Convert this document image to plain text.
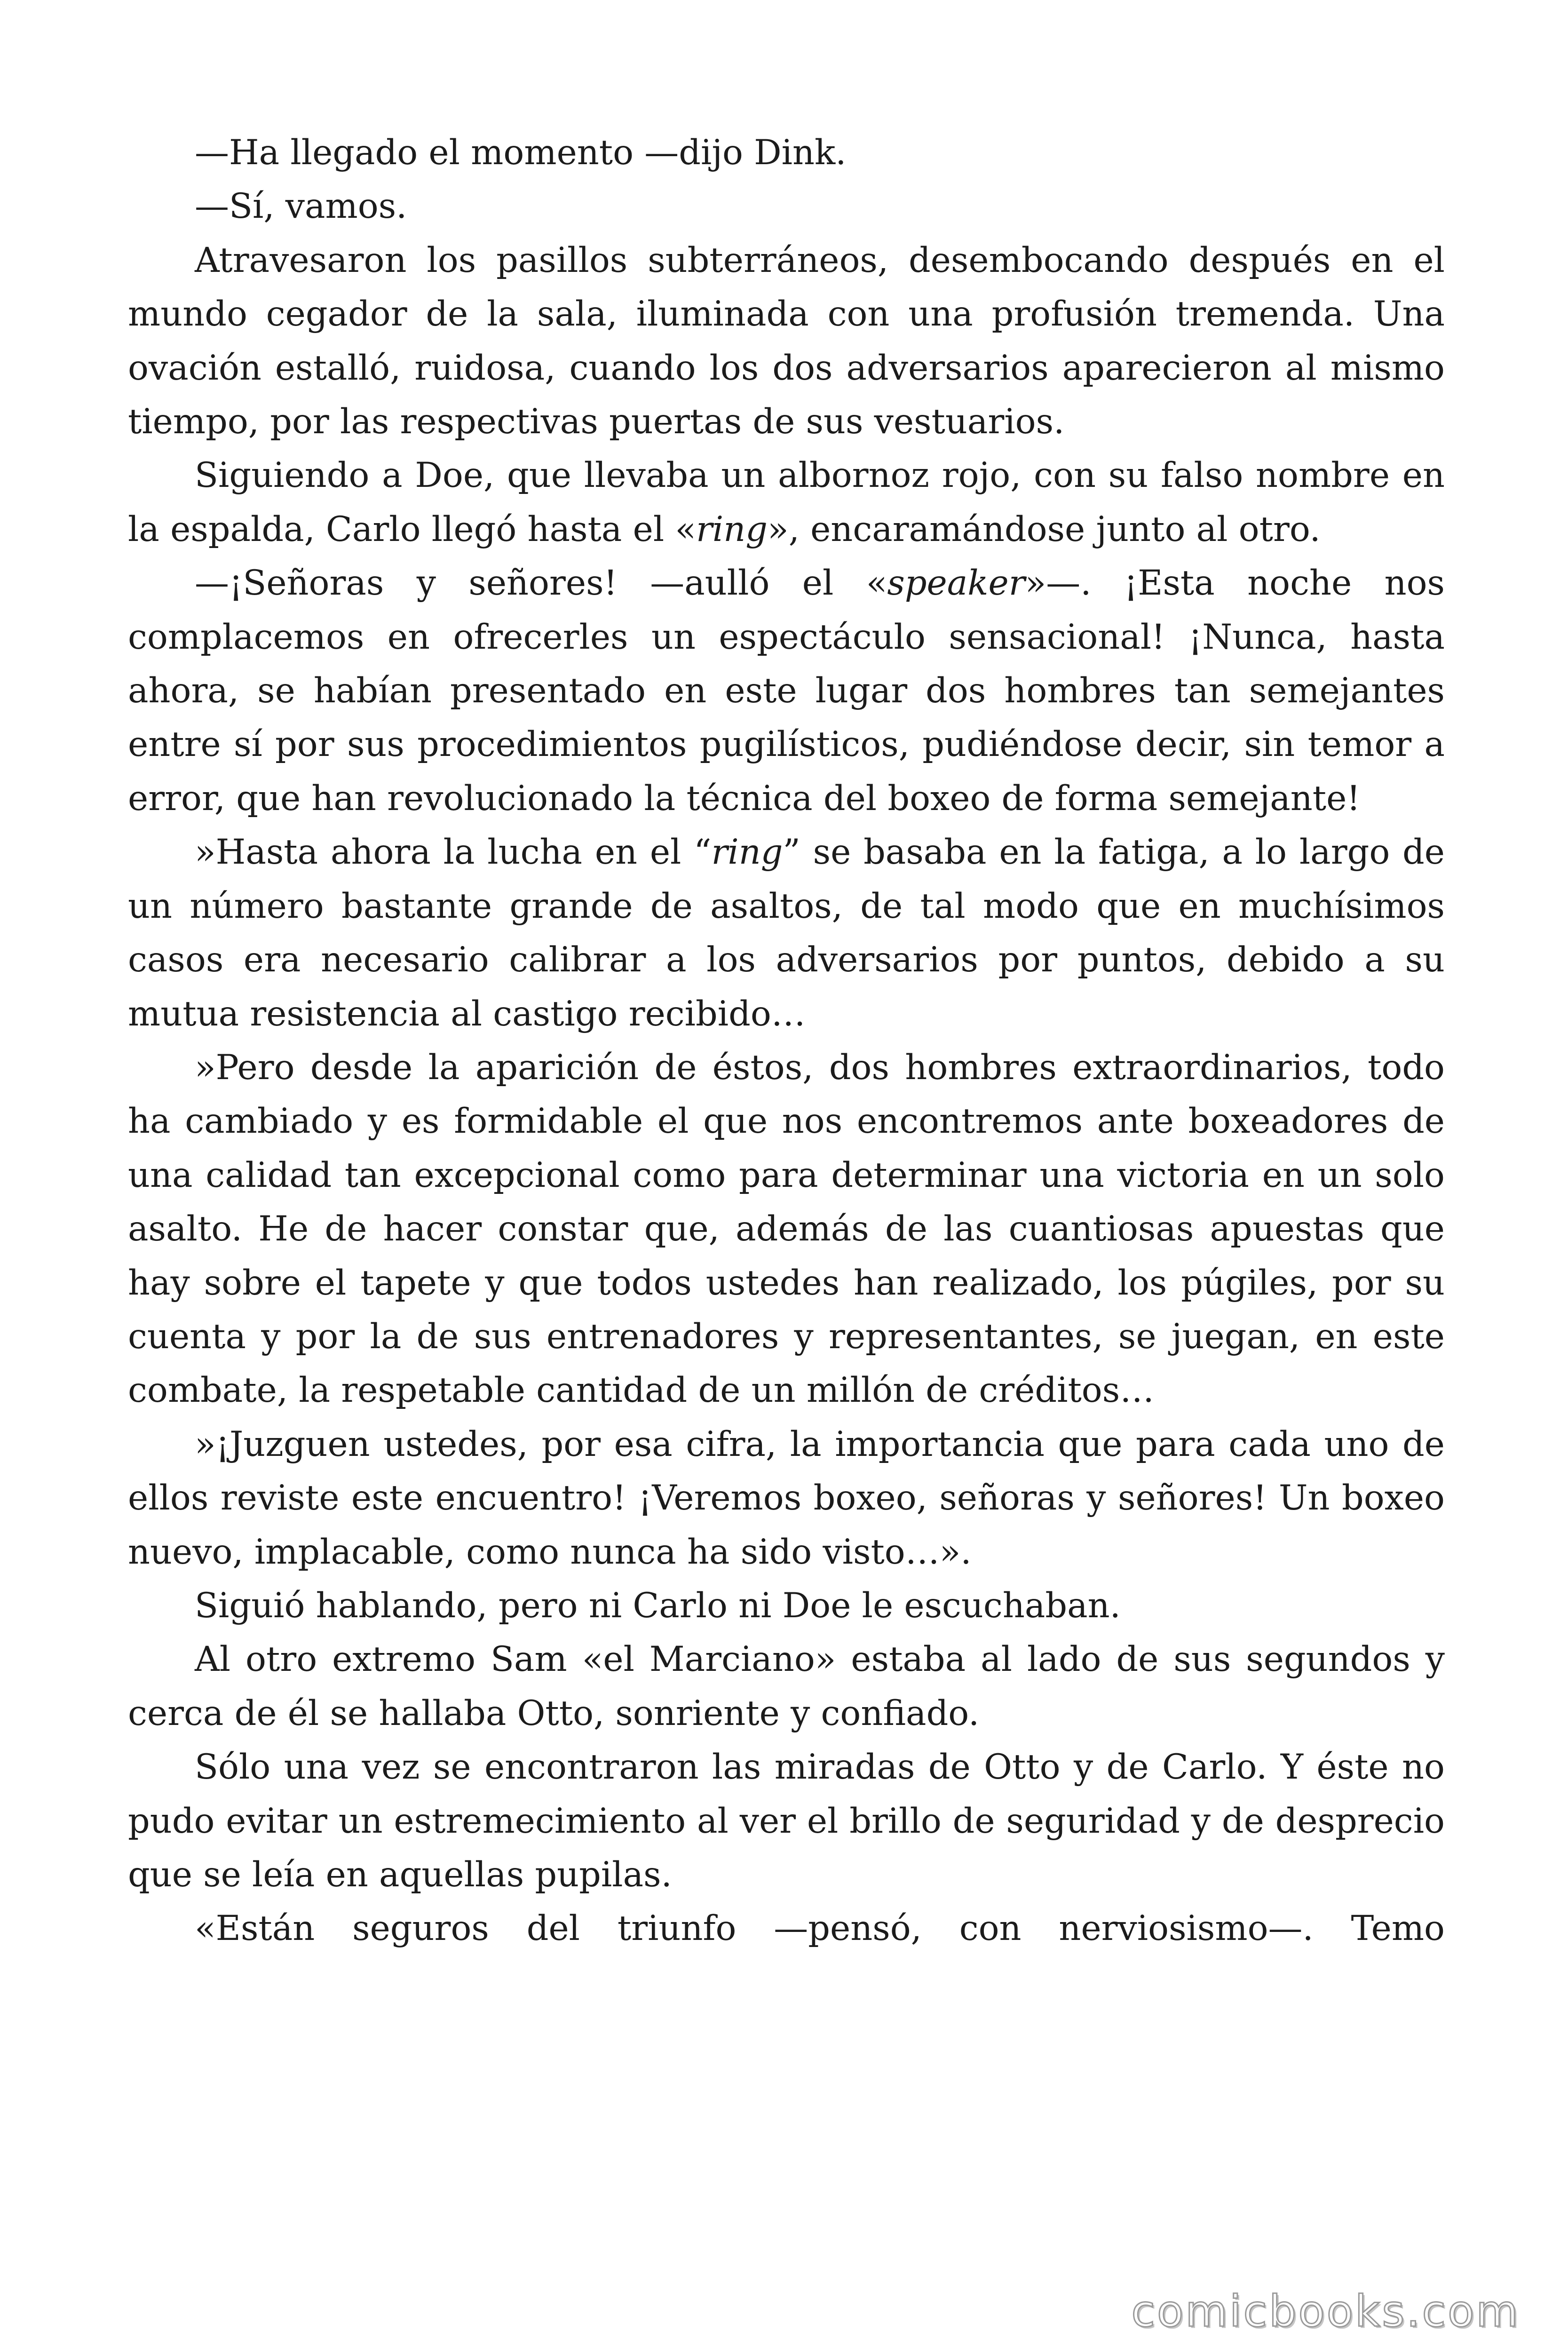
—Ha llegado el momento —dijo Dink.

—Sí, vamos.

Atravesaron los pasillos subterráneos, desembocando después en el mundo cegador de la sala, iluminada con una profusión tremenda. Una ovación estalló, ruidosa, cuando los dos adversarios aparecieron al mismo tiempo, por las respectivas puertas de sus vestuarios.

Siguiendo a Doe, que llevaba un albornoz rojo, con su falso nombre en la espalda, Carlo llegó hasta el «ring», encaramándose junto al otro.

—¡Señoras y señores! —aulló el «speaker»—. ¡Esta noche nos complacemos en ofrecerles un espectáculo sensacional! ¡Nunca, hasta ahora, se habían presentado en este lugar dos hombres tan semejantes entre sí por sus procedimientos pugilísticos, pudiéndose decir, sin temor a error, que han revolucionado la técnica del boxeo de forma semejante!

»Hasta ahora la lucha en el “ring” se basaba en la fatiga, a lo largo de un número bastante grande de asaltos, de tal modo que en muchísimos casos era necesario calibrar a los adversarios por puntos, debido a su mutua resistencia al castigo recibido…

»Pero desde la aparición de éstos, dos hombres extraordinarios, todo ha cambiado y es formidable el que nos encontremos ante boxeadores de una calidad tan excepcional como para determinar una victoria en un solo asalto. He de hacer constar que, además de las cuantiosas apuestas que hay sobre el tapete y que todos ustedes han realizado, los púgiles, por su cuenta y por la de sus entrenadores y representantes, se juegan, en este combate, la respetable cantidad de un millón de créditos…

»¡Juzguen ustedes, por esa cifra, la importancia que para cada uno de ellos reviste este encuentro! ¡Veremos boxeo, señoras y señores! Un boxeo nuevo, implacable, como nunca ha sido visto…».

Siguió hablando, pero ni Carlo ni Doe le escuchaban.

Al otro extremo Sam «el Marciano» estaba al lado de sus segundos y cerca de él se hallaba Otto, sonriente y confiado.

Sólo una vez se encontraron las miradas de Otto y de Carlo. Y éste no pudo evitar un estremecimiento al ver el brillo de seguridad y de desprecio que se leía en aquellas pupilas.

«Están seguros del triunfo —pensó, con nerviosismo—. Temo

comicbooks.com
